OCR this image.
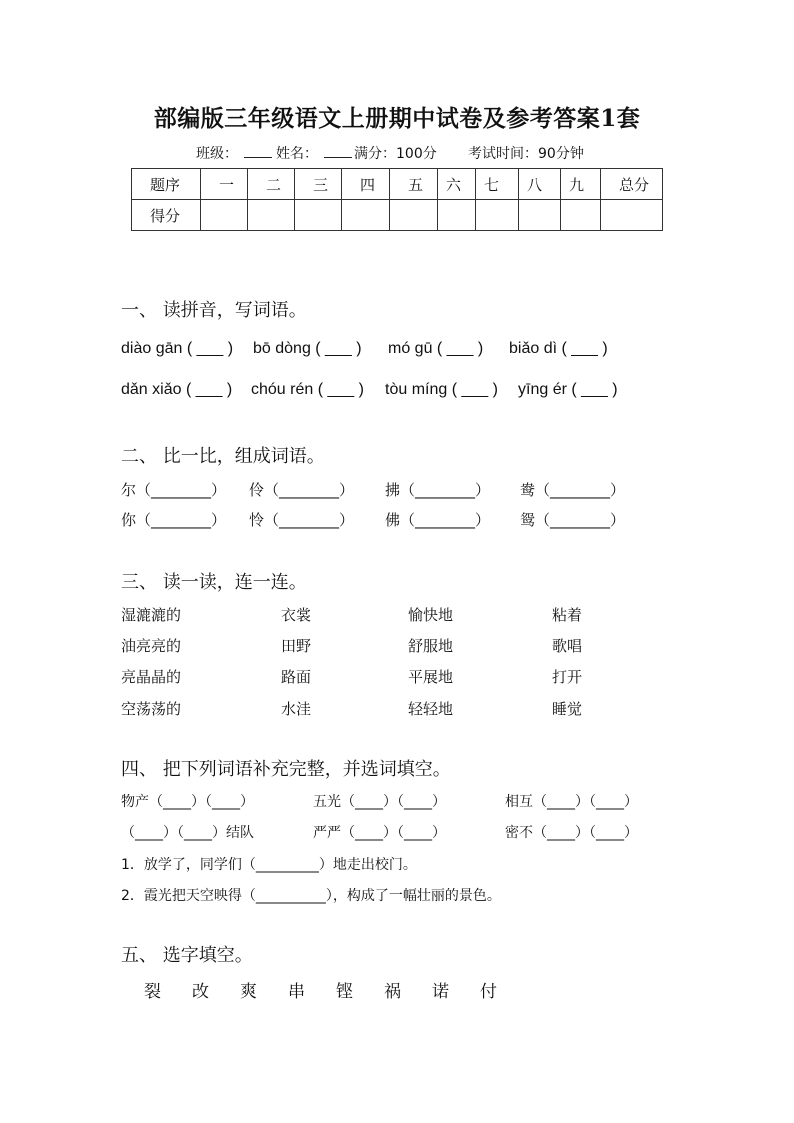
部编版三年级语文上册期中试卷及参考答案1套
班级：	姓名：	满分：100分 考试时间：90分钟
题序	一	二	三	四	五	六	七	八	九	总分
得分										
一、 读拼音，写词语。
diào gān ( ___ ) bō dòng ( ___ ) mó gū ( ___ ) biǎo dì ( ___ )
dǎn xiǎo ( ___ ) chóu rén ( ___ ) tòu míng ( ___ ) yīng ér ( ___ )
二、 比一比，组成词语。
尔（________） 伶（________） 拂（________） 鸯（________）
你（________） 怜（________） 佛（________） 鸳（________）
三、 读一读，连一连。
湿漉漉的	衣裳	愉快地	粘着
油亮亮的	田野	舒服地	歌唱
亮晶晶的	路面	平展地	打开
空荡荡的	水洼	轻轻地	睡觉
四、 把下列词语补充完整，并选词填空。
物产（____）（____）	五光（____）（____）	相互（____）（____）
（____）（____）结队	严严（____）（____）	密不（____）（____）
1．放学了，同学们（_________）地走出校门。
2．霞光把天空映得（__________），构成了一幅壮丽的景色。
五、 选字填空。
裂 改 爽 串 铿 祸 诺 付
